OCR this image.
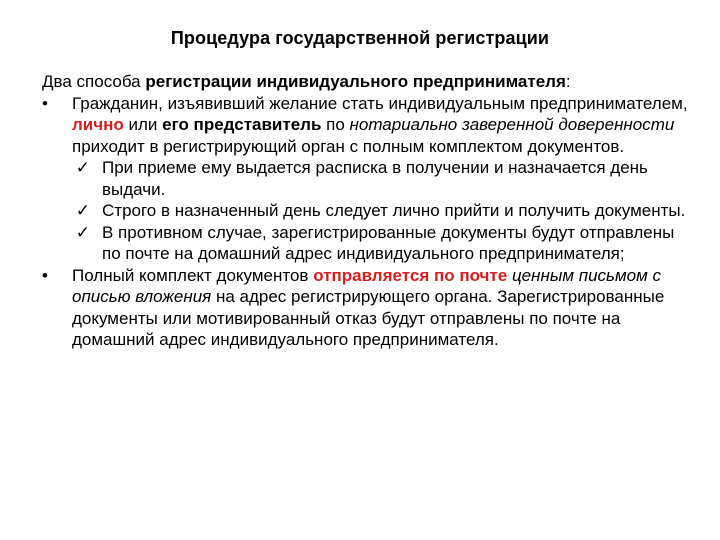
Процедура государственной регистрации

Два способа регистрации индивидуального предпринимателя:

•	Гражданин, изъявивший желание стать индивидуальным предпринимателем, лично или его представитель по нотариально заверенной доверенности приходит в регистрирующий орган с полным комплектом документов.
✓ При приеме ему выдается расписка в получении и назначается день выдачи.
✓ Строго в назначенный день следует лично прийти и получить документы.
✓ В противном случае, зарегистрированные документы будут отправлены по почте на домашний адрес индивидуального предпринимателя;
•	Полный комплект документов отправляется по почте ценным письмом с описью вложения на адрес регистрирующего органа. Зарегистрированные документы или мотивированный отказ будут отправлены по почте на домашний адрес индивидуального предпринимателя.
